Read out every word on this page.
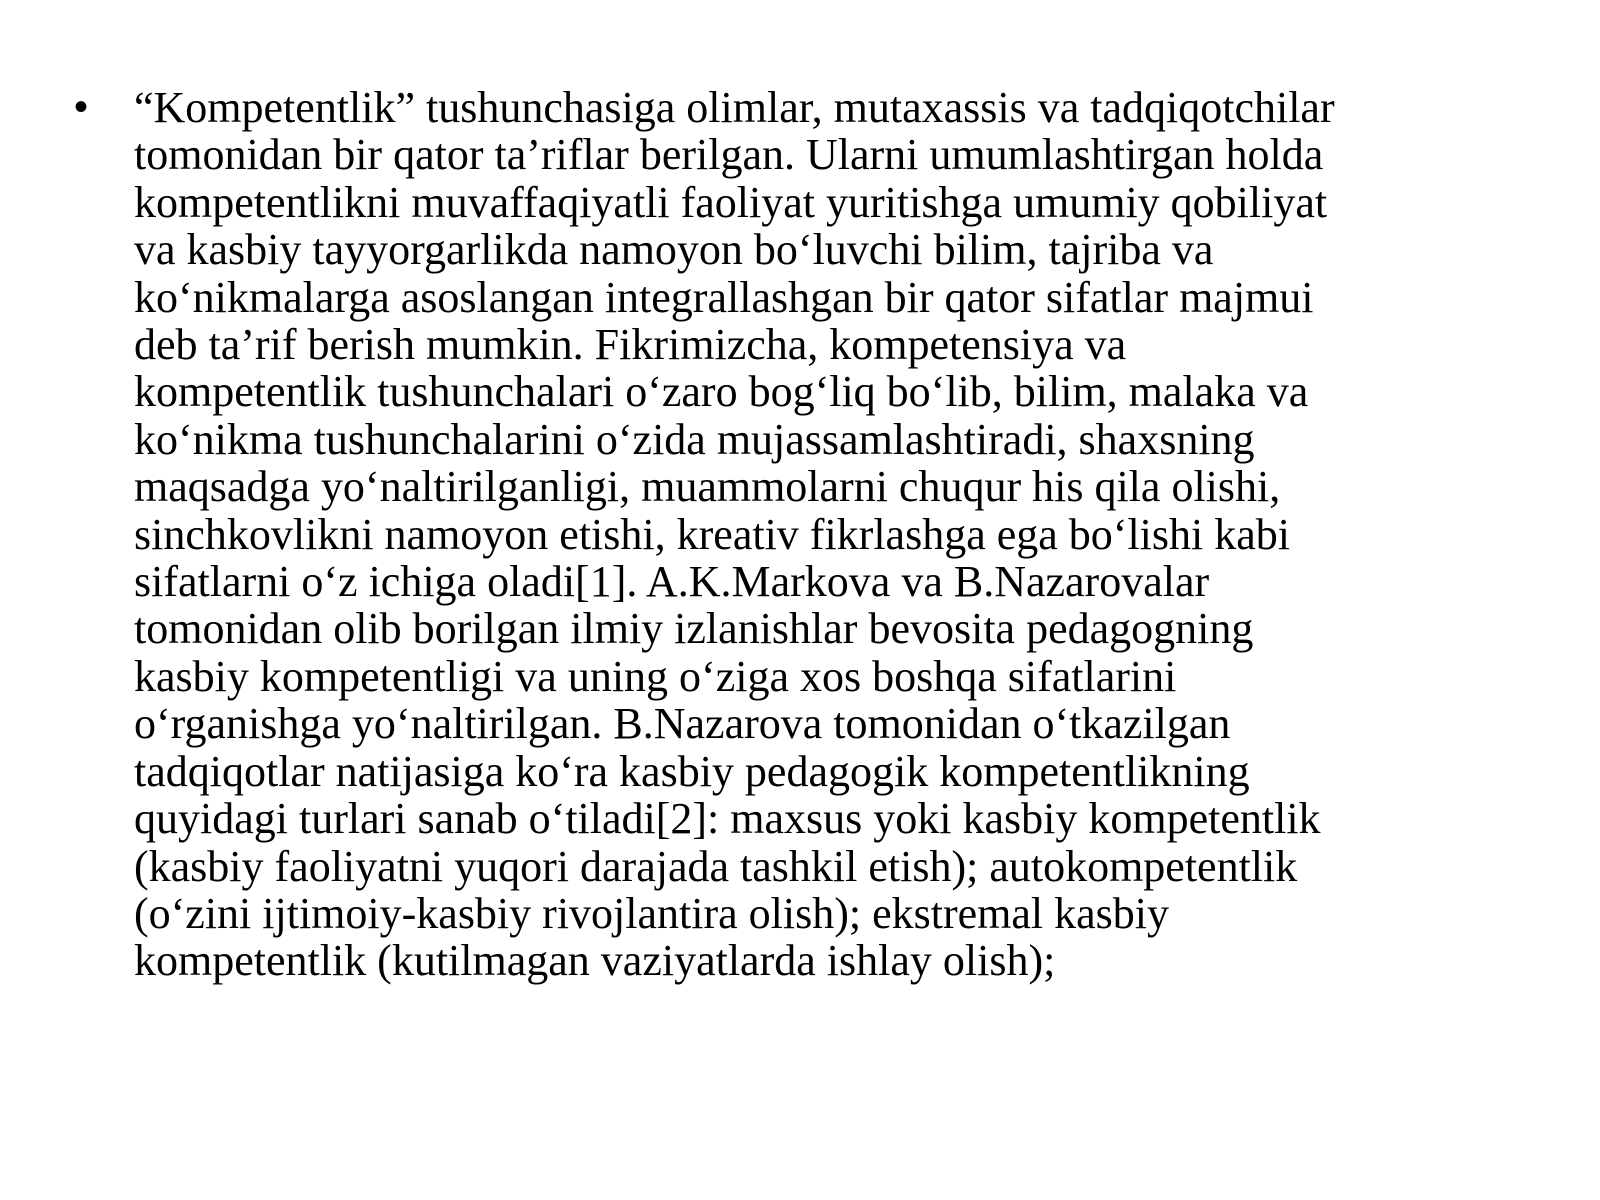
• “Kompetentlik” tushunchasiga olimlar, mutaxassis va tadqiqotchilar
tomonidan bir qator ta’riflar berilgan. Ularni umumlashtirgan holda
kompetentlikni muvaffaqiyatli faoliyat yuritishga umumiy qobiliyat
va kasbiy tayyorgarlikda namoyon bo‘luvchi bilim, tajriba va
ko‘nikmalarga asoslangan integrallashgan bir qator sifatlar majmui
deb ta’rif berish mumkin. Fikrimizcha, kompetensiya va
kompetentlik tushunchalari o‘zaro bog‘liq bo‘lib, bilim, malaka va
ko‘nikma tushunchalarini o‘zida mujassamlashtiradi, shaxsning
maqsadga yo‘naltirilganligi, muammolarni chuqur his qila olishi,
sinchkovlikni namoyon etishi, kreativ fikrlashga ega bo‘lishi kabi
sifatlarni o‘z ichiga oladi[1]. A.K.Markova va B.Nazarovalar
tomonidan olib borilgan ilmiy izlanishlar bevosita pedagogning
kasbiy kompetentligi va uning o‘ziga xos boshqa sifatlarini
o‘rganishga yo‘naltirilgan. B.Nazarova tomonidan o‘tkazilgan
tadqiqotlar natijasiga ko‘ra kasbiy pedagogik kompetentlikning
quyidagi turlari sanab o‘tiladi[2]: maxsus yoki kasbiy kompetentlik
(kasbiy faoliyatni yuqori darajada tashkil etish); autokompetentlik
(o‘zini ijtimoiy-kasbiy rivojlantira olish); ekstremal kasbiy
kompetentlik (kutilmagan vaziyatlarda ishlay olish);
